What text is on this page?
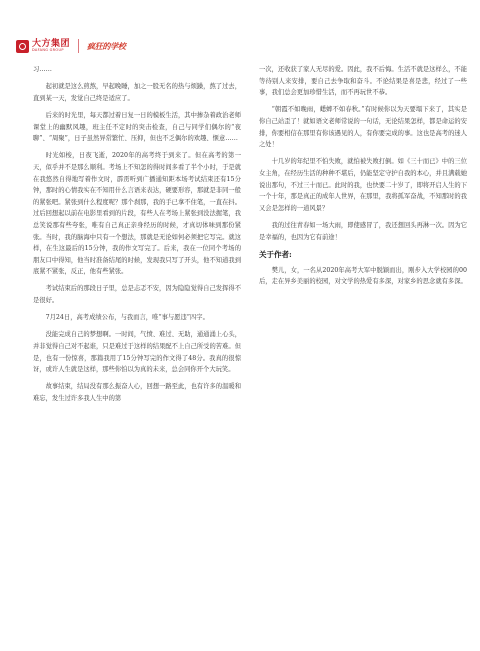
大方集团
DAFANG GROUP	疯狂的学校

习……

起初就是这么煎熬，早起晚睡，加之一股无名的热与烦躁，熬了过去，直到某一天，发觉自己终是适应了。

后来的时光里，每天都过着日复一日的模板生活，其中掺杂着政治老师课堂上的幽默风趣，班主任不定时的突击检查，自己与同学们偶尔的“夜聊”、“周聚”，日子虽然异常繁忙、压抑，但也不乏偶尔的欢趣、惬意……

时光如梭，日夜飞逝，2020年的高考终于到来了。但在高考的第一天，似乎并不是那么顺利。考场上不知怎的得时间多看了半个小时，于是就在我悠然自得地写着作文时，霹雳听到广播通知距本场考试结束还有15分钟，那时的心情我实在不知用什么言语来表达，硬要形容，那就是非同一般的紧张吧。紧张到什么程度呢？那个刹那，我的手已拿不住笔，一直在抖。过后回想起以前在电影里看到的片段，有些人在考场上紧张到没法握笔，我总笑说那有些夸张，唯有自己真正亲身经历的时候，才真切体味到那份紧张。当时，我的脑海中只有一个想法，那就是无论如何必须把它写完。就这样，在生这最后的15分钟，我的作文写完了。后来，我在一位同个考场的朋友口中得知，他当时准备结尾的时候，发现我只写了开头，他不知道我到底紧不紧张，反正，他有些紧张。

考试结束后的那段日子里，总是忐忑不安，因为隐隐觉得自己发挥得不是很好。

7月24日，高考成绩公布，与我而言，唯“事与愿违”四字。

没能完成自己的梦想啊。一时间，气愤、难过、无助，通通涌上心头，并非觉得自己对不起谁，只是难过于这样的结果配不上自己所受的苦难。但是，也有一份惊喜，那篇我用了15分钟写完的作文得了48分。我真的很惊讶，或许人生就是这样，那些你怕以为真的未来，总会同你开个大玩笑。

故事结束，结局没有那么振奋人心，回想一路至此，也有许多的温暖和难忘，发生过许多我人生中的第

一次，还收获了家人无尽的爱。因此，我不后悔。生活不就是这样么，不能等待别人来安排，要自己去争取和奋斗。不论结果是喜是悲，经过了一些事，我们总会更加珍惜生活，而不再玩世不恭。

“朝霞不如晚雨，蟋蟀不如春秋。”有时候你以为天要塌下来了，其实是你自己站歪了！就如语文老师常说的一句话，无论结果怎样，都是命运的安排，你要相信在那里有你该遇见的人，有你要完成的事。这也是高考的迷人之处！

十几岁的年纪里不怕失败，就怕被失败打倒。如《三十而已》中的三位女主角，在经历生活的种种不堪后，仍能坚定守护自我的本心，并且满载她说出那句，不过三十而已。此时的我，也快要二十岁了，即将开启人生的下一个十年，那是真正的成年人世界，在那里，我将孤军奋战，不知那时的我又会是怎样的一道风景？

我的过往青春如一场大雨，即使感冒了，我还想回头再淋一次。因为它是幸福的，也因为它有前途！

关于作者:

樊儿，女，一名从2020年高考大军中脱颖而出，刚步入大学校园的00后，走在异乡美丽的校园，对文学的热爱有多深，对家乡的思念就有多深。
